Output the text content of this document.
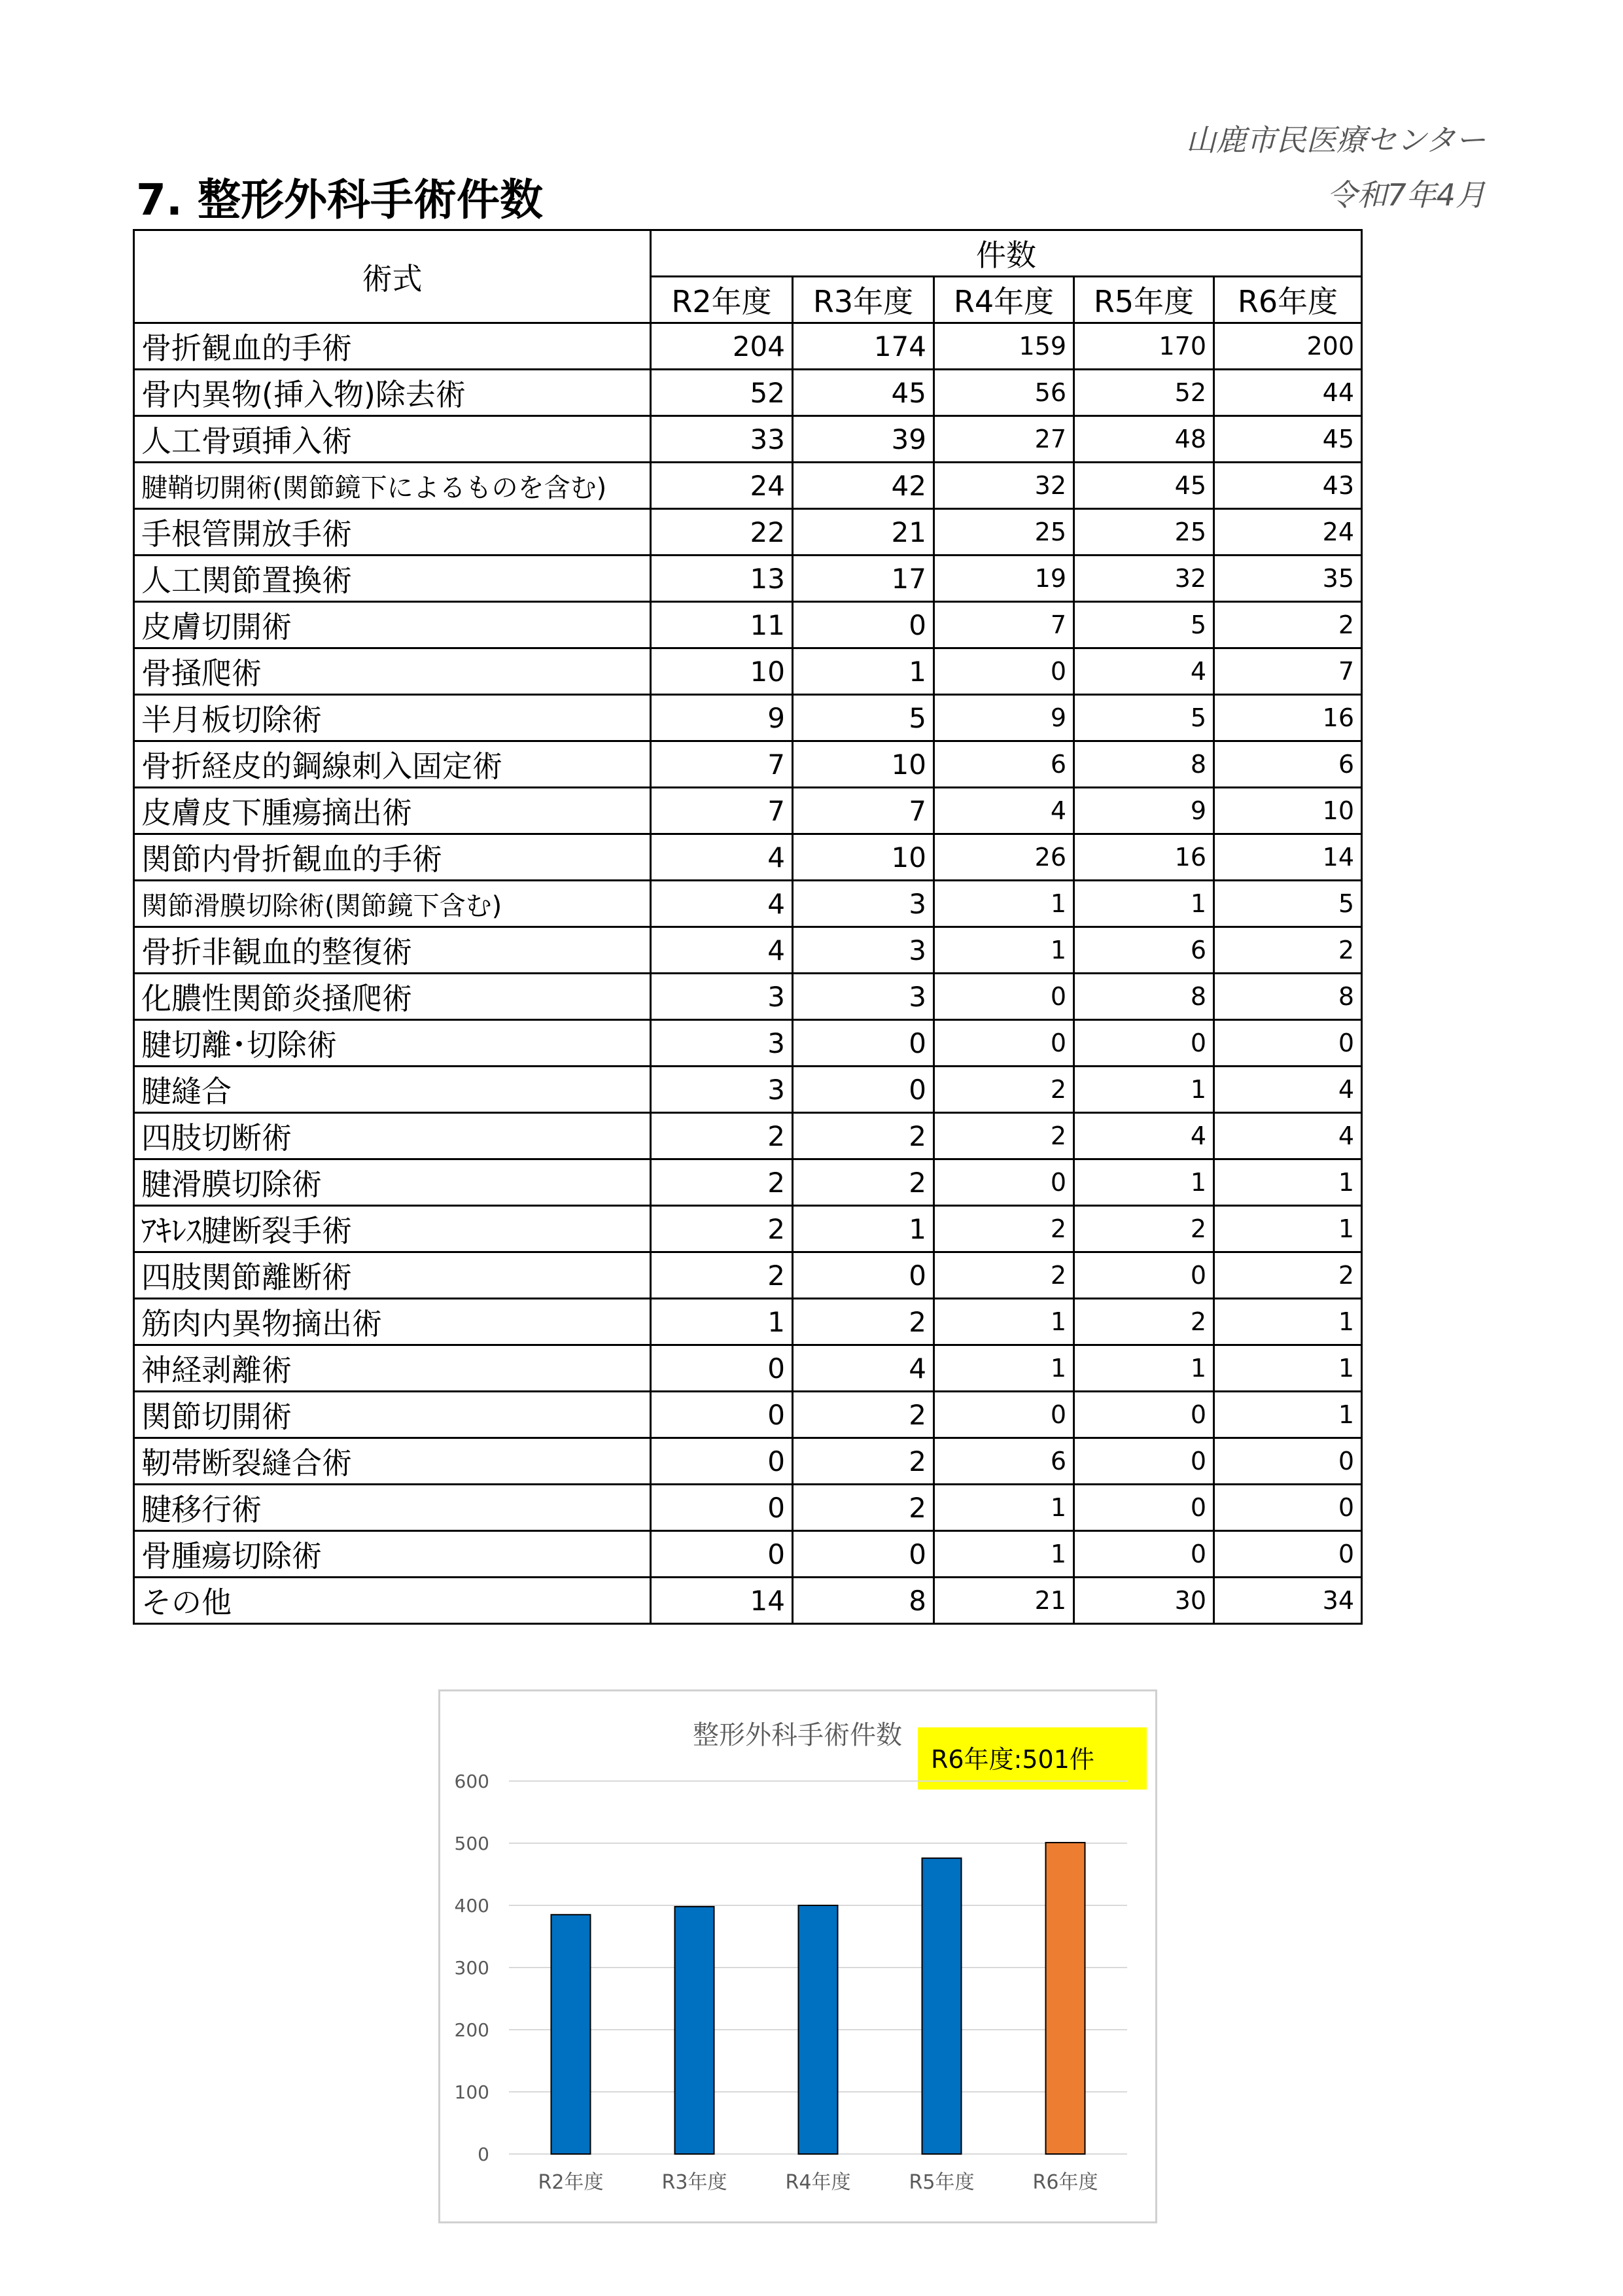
山鹿市民医療センター
令和7年4月
7. 整形外科手術件数
術式	件数				
	R2年度	R3年度	R4年度	R5年度	R6年度
骨折観血的手術	204	174	159	170	200
骨内異物(挿入物)除去術	52	45	56	52	44
人工骨頭挿入術	33	39	27	48	45
腱鞘切開術(関節鏡下によるものを含む)	24	42	32	45	43
手根管開放手術	22	21	25	25	24
人工関節置換術	13	17	19	32	35
皮膚切開術	11	0	7	5	2
骨掻爬術	10	1	0	4	7
半月板切除術	9	5	9	5	16
骨折経皮的鋼線刺入固定術	7	10	6	8	6
皮膚皮下腫瘍摘出術	7	7	4	9	10
関節内骨折観血的手術	4	10	26	16	14
関節滑膜切除術(関節鏡下含む)	4	3	1	1	5
骨折非観血的整復術	4	3	1	6	2
化膿性関節炎掻爬術	3	3	0	8	8
腱切離･切除術	3	0	0	0	0
腱縫合	3	0	2	1	4
四肢切断術	2	2	2	4	4
腱滑膜切除術	2	2	0	1	1
ｱｷﾚｽ腱断裂手術	2	1	2	2	1
四肢関節離断術	2	0	2	0	2
筋肉内異物摘出術	1	2	1	2	1
神経剥離術	0	4	1	1	1
関節切開術	0	2	0	0	1
靭帯断裂縫合術	0	2	6	0	0
腱移行術	0	2	1	0	0
骨腫瘍切除術	0	0	1	0	0
その他	14	8	21	30	34
整形外科手術件数
R6年度:501件
0
100
200
300
400
500
600
R2年度	R3年度	R4年度	R5年度	R6年度
